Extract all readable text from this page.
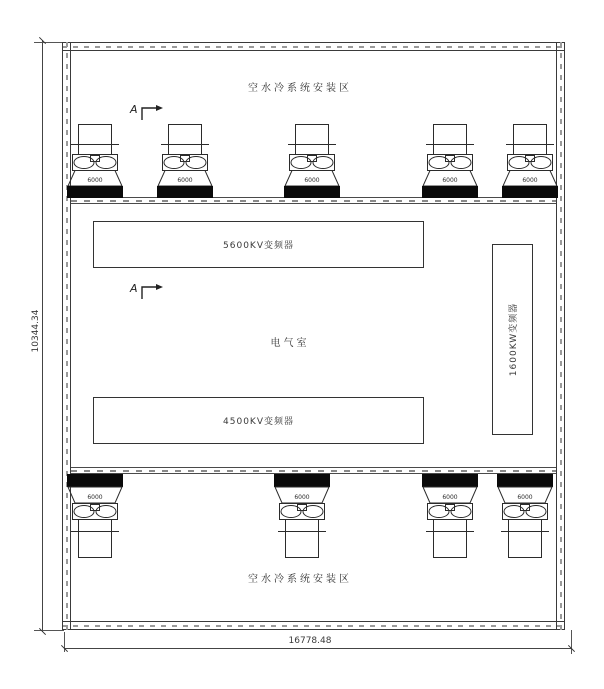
10344.34
16778.48
空水冷系统安装区
空水冷系统安装区
电气室
A
A
5600KV变频器
4500KV变频器
1600KW变频器
6000	6000	6000	6000	6000
6000	6000	6000	6000
